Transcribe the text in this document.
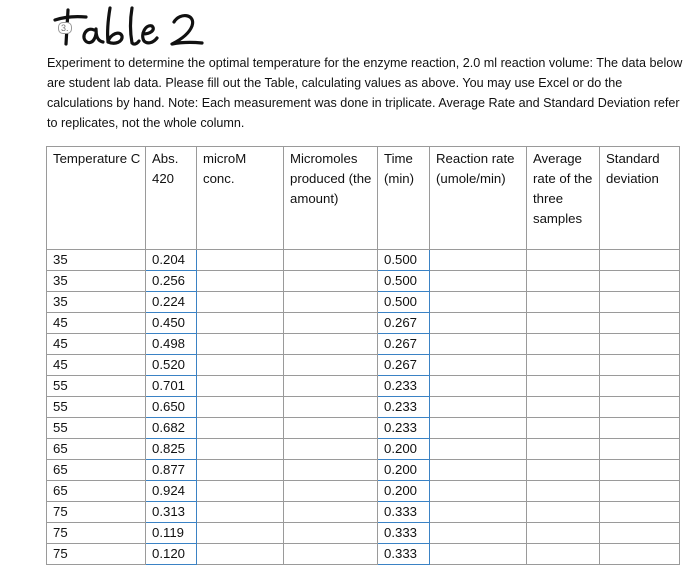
3.

Experiment to determine the optimal temperature for the enzyme reaction, 2.0 ml reaction volume: The data below are student lab data. Please fill out the Table, calculating values as above. You may use Excel or do the calculations by hand. Note: Each measurement was done in triplicate. Average Rate and Standard Deviation refer to replicates, not the whole column.

Temperature C	Abs. 420	microM conc.	Micromoles produced (the amount)	Time (min)	Reaction rate (umole/min)	Average rate of the three samples	Standard deviation
35	0.204			0.500			
35	0.256			0.500			
35	0.224			0.500			
45	0.450			0.267			
45	0.498			0.267			
45	0.520			0.267			
55	0.701			0.233			
55	0.650			0.233			
55	0.682			0.233			
65	0.825			0.200			
65	0.877			0.200			
65	0.924			0.200			
75	0.313			0.333			
75	0.119			0.333			
75	0.120			0.333			
